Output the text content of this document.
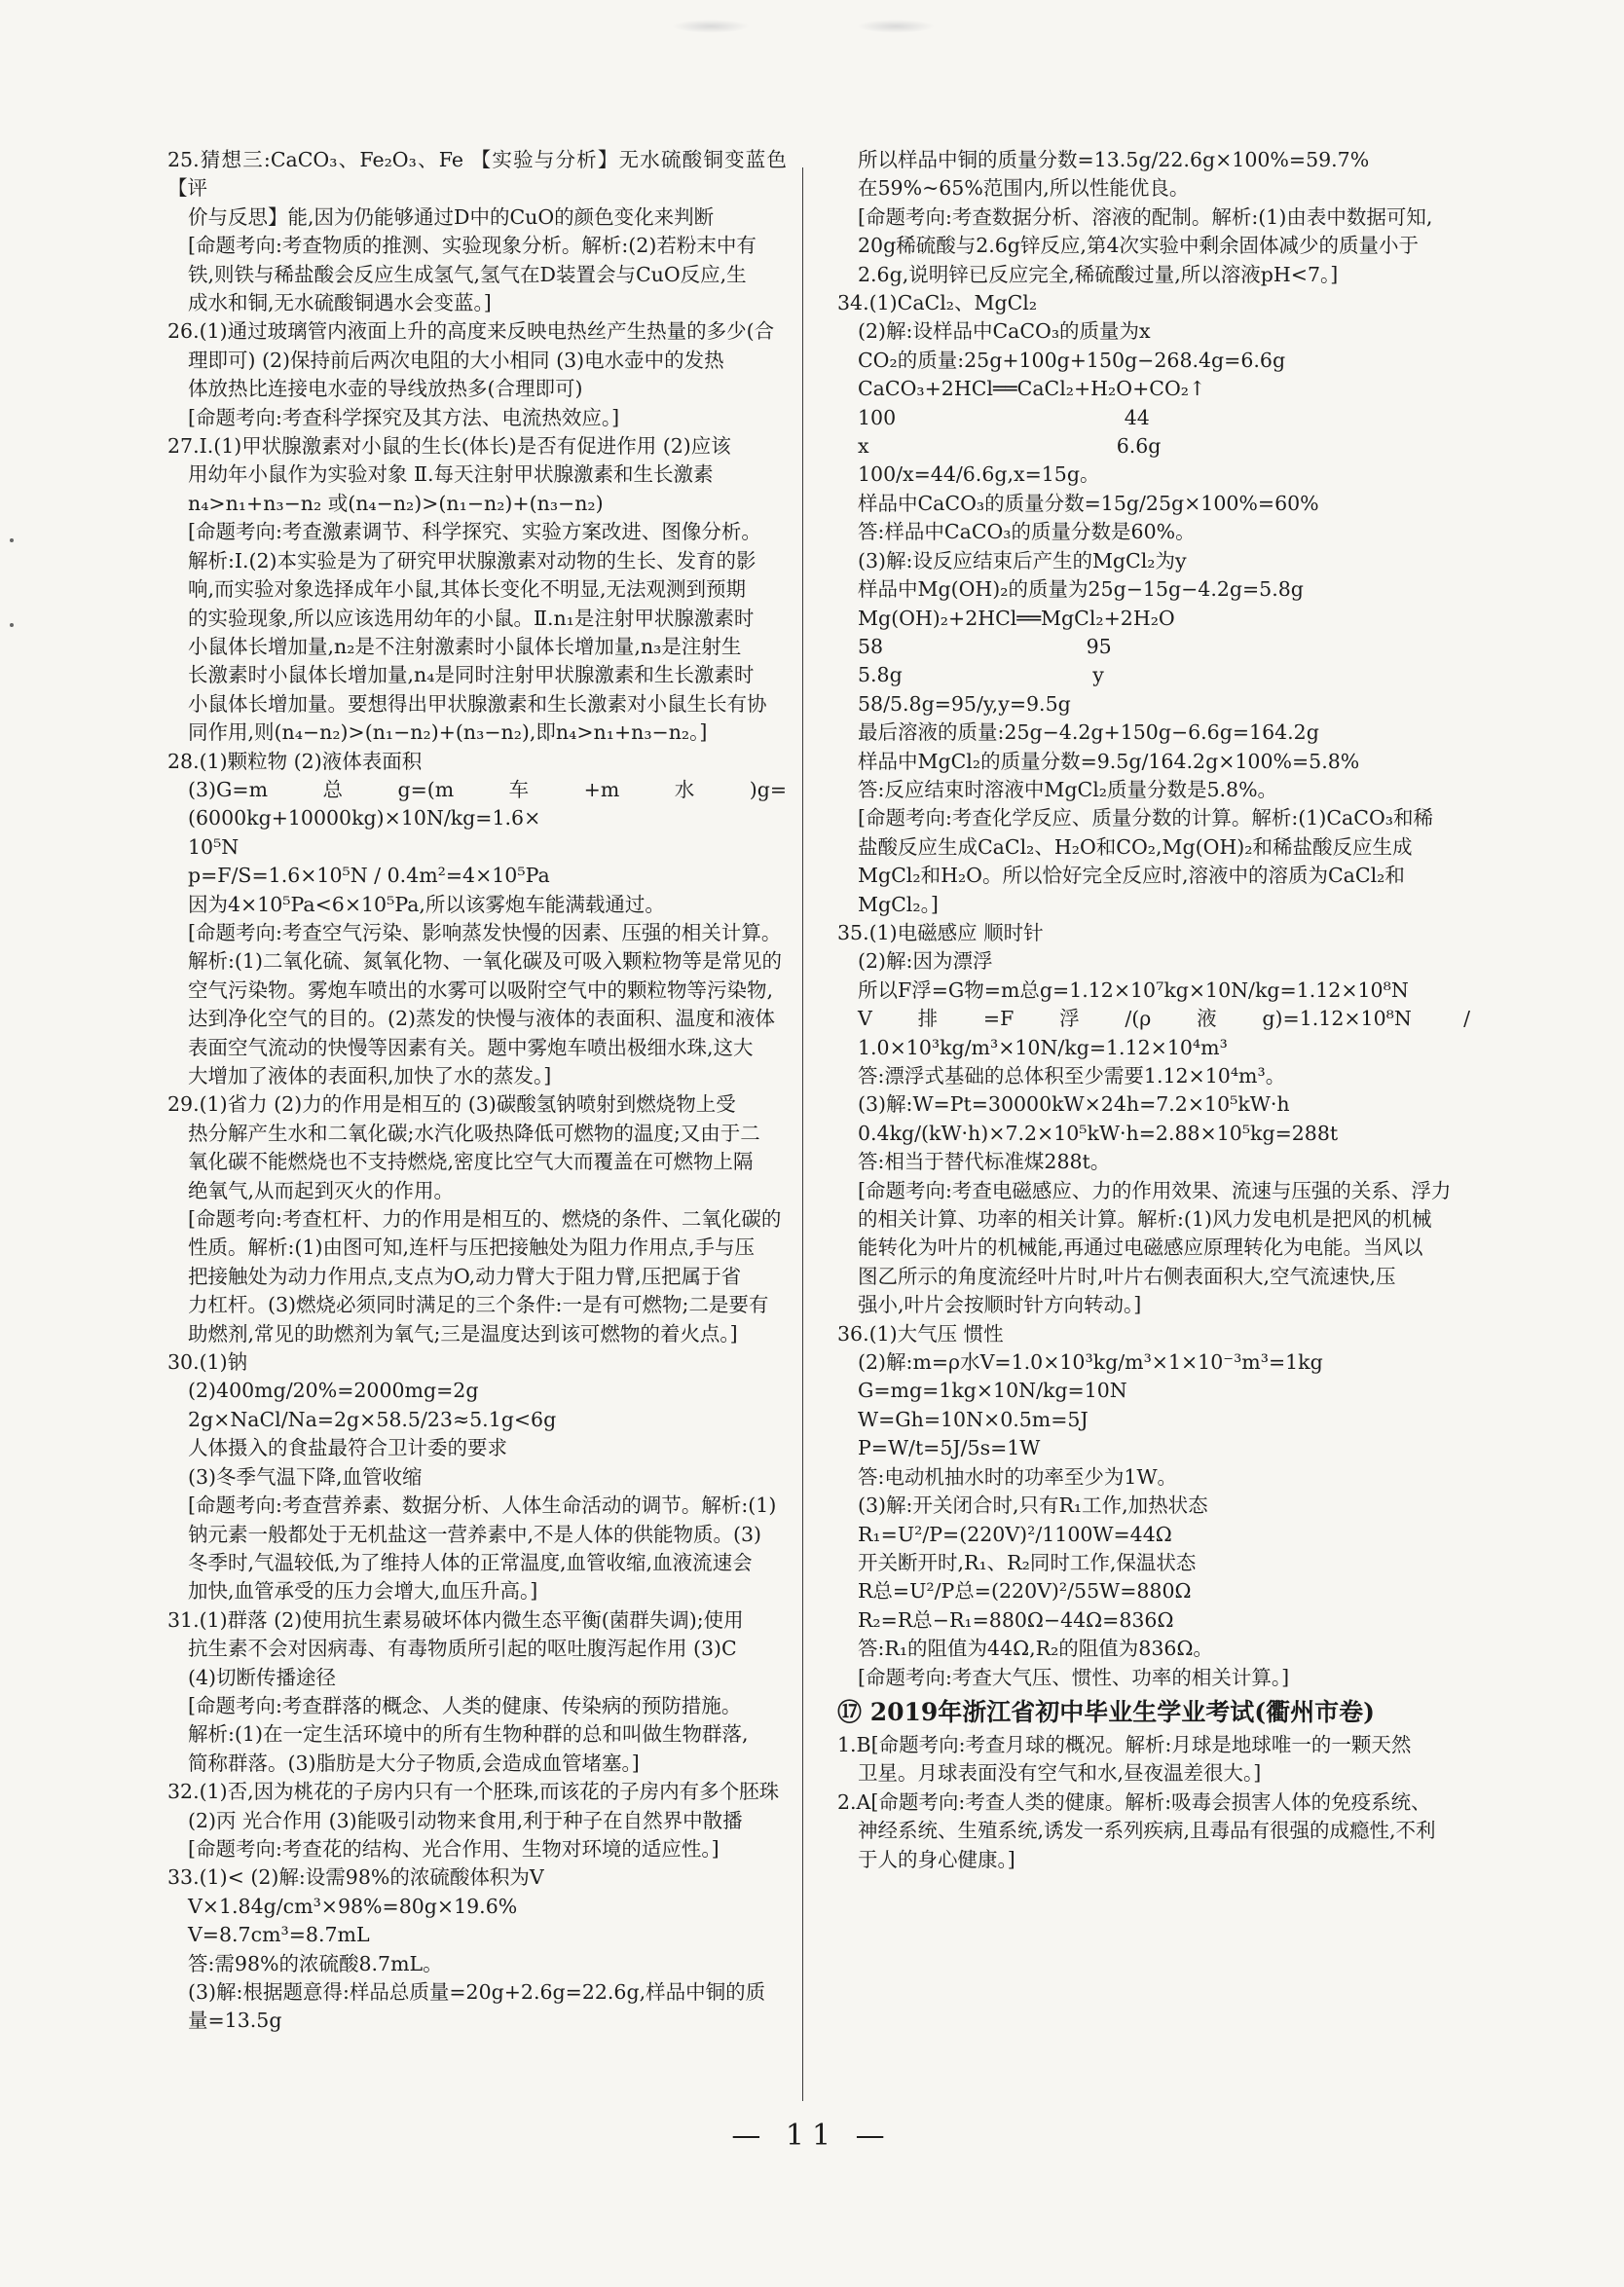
25.猜想三:CaCO₃、Fe₂O₃、Fe 【实验与分析】无水硫酸铜变蓝色 【评
价与反思】能,因为仍能够通过D中的CuO的颜色变化来判断
[命题考向:考查物质的推测、实验现象分析。解析:(2)若粉末中有
铁,则铁与稀盐酸会反应生成氢气,氢气在D装置会与CuO反应,生
成水和铜,无水硫酸铜遇水会变蓝。]
26.(1)通过玻璃管内液面上升的高度来反映电热丝产生热量的多少(合
理即可) (2)保持前后两次电阻的大小相同 (3)电水壶中的发热
体放热比连接电水壶的导线放热多(合理即可)
[命题考向:考查科学探究及其方法、电流热效应。]
27.Ⅰ.(1)甲状腺激素对小鼠的生长(体长)是否有促进作用 (2)应该
用幼年小鼠作为实验对象 Ⅱ.每天注射甲状腺激素和生长激素
n₄>n₁+n₃−n₂ 或(n₄−n₂)>(n₁−n₂)+(n₃−n₂)
[命题考向:考查激素调节、科学探究、实验方案改进、图像分析。
解析:Ⅰ.(2)本实验是为了研究甲状腺激素对动物的生长、发育的影
响,而实验对象选择成年小鼠,其体长变化不明显,无法观测到预期
的实验现象,所以应该选用幼年的小鼠。Ⅱ.n₁是注射甲状腺激素时
小鼠体长增加量,n₂是不注射激素时小鼠体长增加量,n₃是注射生
长激素时小鼠体长增加量,n₄是同时注射甲状腺激素和生长激素时
小鼠体长增加量。要想得出甲状腺激素和生长激素对小鼠生长有协
同作用,则(n₄−n₂)>(n₁−n₂)+(n₃−n₂),即n₄>n₁+n₃−n₂。]
28.(1)颗粒物 (2)液体表面积
(3)G=m总g=(m车+m水)g=(6000kg+10000kg)×10N/kg=1.6×
10⁵N
p=F/S=1.6×10⁵N / 0.4m²=4×10⁵Pa
因为4×10⁵Pa<6×10⁵Pa,所以该雾炮车能满载通过。
[命题考向:考查空气污染、影响蒸发快慢的因素、压强的相关计算。
解析:(1)二氧化硫、氮氧化物、一氧化碳及可吸入颗粒物等是常见的
空气污染物。雾炮车喷出的水雾可以吸附空气中的颗粒物等污染物,
达到净化空气的目的。(2)蒸发的快慢与液体的表面积、温度和液体
表面空气流动的快慢等因素有关。题中雾炮车喷出极细水珠,这大
大增加了液体的表面积,加快了水的蒸发。]
29.(1)省力 (2)力的作用是相互的 (3)碳酸氢钠喷射到燃烧物上受
热分解产生水和二氧化碳;水汽化吸热降低可燃物的温度;又由于二
氧化碳不能燃烧也不支持燃烧,密度比空气大而覆盖在可燃物上隔
绝氧气,从而起到灭火的作用。
[命题考向:考查杠杆、力的作用是相互的、燃烧的条件、二氧化碳的
性质。解析:(1)由图可知,连杆与压把接触处为阻力作用点,手与压
把接触处为动力作用点,支点为O,动力臂大于阻力臂,压把属于省
力杠杆。(3)燃烧必须同时满足的三个条件:一是有可燃物;二是要有
助燃剂,常见的助燃剂为氧气;三是温度达到该可燃物的着火点。]
30.(1)钠
(2)400mg/20%=2000mg=2g
2g×NaCl/Na=2g×58.5/23≈5.1g<6g
人体摄入的食盐最符合卫计委的要求
(3)冬季气温下降,血管收缩
[命题考向:考查营养素、数据分析、人体生命活动的调节。解析:(1)
钠元素一般都处于无机盐这一营养素中,不是人体的供能物质。(3)
冬季时,气温较低,为了维持人体的正常温度,血管收缩,血液流速会
加快,血管承受的压力会增大,血压升高。]
31.(1)群落 (2)使用抗生素易破坏体内微生态平衡(菌群失调);使用
抗生素不会对因病毒、有毒物质所引起的呕吐腹泻起作用 (3)C
(4)切断传播途径
[命题考向:考查群落的概念、人类的健康、传染病的预防措施。
解析:(1)在一定生活环境中的所有生物种群的总和叫做生物群落,
简称群落。(3)脂肪是大分子物质,会造成血管堵塞。]
32.(1)否,因为桃花的子房内只有一个胚珠,而该花的子房内有多个胚珠
(2)丙 光合作用 (3)能吸引动物来食用,利于种子在自然界中散播
[命题考向:考查花的结构、光合作用、生物对环境的适应性。]
33.(1)< (2)解:设需98%的浓硫酸体积为V
V×1.84g/cm³×98%=80g×19.6%
V=8.7cm³=8.7mL
答:需98%的浓硫酸8.7mL。
(3)解:根据题意得:样品总质量=20g+2.6g=22.6g,样品中铜的质
量=13.5g
所以样品中铜的质量分数=13.5g/22.6g×100%=59.7%
在59%~65%范围内,所以性能优良。
[命题考向:考查数据分析、溶液的配制。解析:(1)由表中数据可知,
20g稀硫酸与2.6g锌反应,第4次实验中剩余固体减少的质量小于
2.6g,说明锌已反应完全,稀硫酸过量,所以溶液pH<7。]
34.(1)CaCl₂、MgCl₂
(2)解:设样品中CaCO₃的质量为x
CO₂的质量:25g+100g+150g−268.4g=6.6g
CaCO₃+2HCl══CaCl₂+H₂O+CO₂↑
100                                    44
x                                       6.6g
100/x=44/6.6g,x=15g。
样品中CaCO₃的质量分数=15g/25g×100%=60%
答:样品中CaCO₃的质量分数是60%。
(3)解:设反应结束后产生的MgCl₂为y
样品中Mg(OH)₂的质量为25g−15g−4.2g=5.8g
Mg(OH)₂+2HCl══MgCl₂+2H₂O
58                                95
5.8g                              y
58/5.8g=95/y,y=9.5g
最后溶液的质量:25g−4.2g+150g−6.6g=164.2g
样品中MgCl₂的质量分数=9.5g/164.2g×100%=5.8%
答:反应结束时溶液中MgCl₂质量分数是5.8%。
[命题考向:考查化学反应、质量分数的计算。解析:(1)CaCO₃和稀
盐酸反应生成CaCl₂、H₂O和CO₂,Mg(OH)₂和稀盐酸反应生成
MgCl₂和H₂O。所以恰好完全反应时,溶液中的溶质为CaCl₂和
MgCl₂。]
35.(1)电磁感应 顺时针
(2)解:因为漂浮
所以F浮=G物=m总g=1.12×10⁷kg×10N/kg=1.12×10⁸N
V排=F浮/(ρ液g)=1.12×10⁸N / 1.0×10³kg/m³×10N/kg=1.12×10⁴m³
答:漂浮式基础的总体积至少需要1.12×10⁴m³。
(3)解:W=Pt=30000kW×24h=7.2×10⁵kW·h
0.4kg/(kW·h)×7.2×10⁵kW·h=2.88×10⁵kg=288t
答:相当于替代标准煤288t。
[命题考向:考查电磁感应、力的作用效果、流速与压强的关系、浮力
的相关计算、功率的相关计算。解析:(1)风力发电机是把风的机械
能转化为叶片的机械能,再通过电磁感应原理转化为电能。当风以
图乙所示的角度流经叶片时,叶片右侧表面积大,空气流速快,压
强小,叶片会按顺时针方向转动。]
36.(1)大气压 惯性
(2)解:m=ρ水V=1.0×10³kg/m³×1×10⁻³m³=1kg
G=mg=1kg×10N/kg=10N
W=Gh=10N×0.5m=5J
P=W/t=5J/5s=1W
答:电动机抽水时的功率至少为1W。
(3)解:开关闭合时,只有R₁工作,加热状态
R₁=U²/P=(220V)²/1100W=44Ω
开关断开时,R₁、R₂同时工作,保温状态
R总=U²/P总=(220V)²/55W=880Ω
R₂=R总−R₁=880Ω−44Ω=836Ω
答:R₁的阻值为44Ω,R₂的阻值为836Ω。
[命题考向:考查大气压、惯性、功率的相关计算。]
⑰ 2019年浙江省初中毕业生学业考试(衢州市卷)
1.B[命题考向:考查月球的概况。解析:月球是地球唯一的一颗天然
卫星。月球表面没有空气和水,昼夜温差很大。]
2.A[命题考向:考查人类的健康。解析:吸毒会损害人体的免疫系统、
神经系统、生殖系统,诱发一系列疾病,且毒品有很强的成瘾性,不利
于人的身心健康。]
— 11 —
